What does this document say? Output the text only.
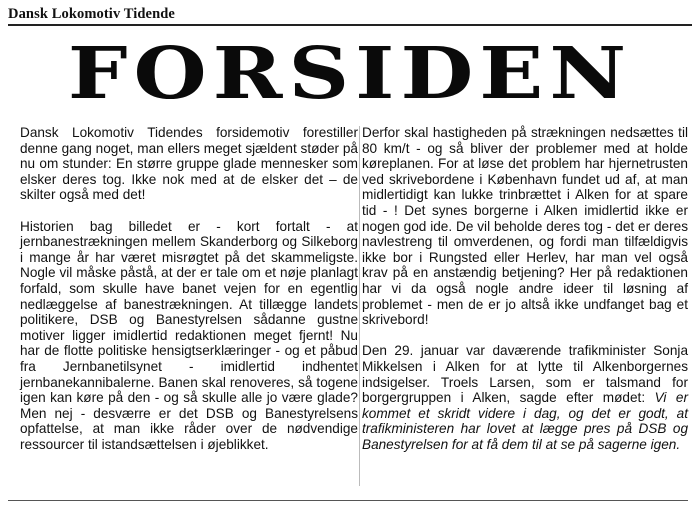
Dansk Lokomotiv Tidende
FORSIDEN

Dansk Lokomotiv Tidendes forsidemotiv forestiller denne gang noget, man ellers meget sjældent støder på nu om stunder: En større gruppe glade mennesker som elsker deres tog. Ikke nok med at de elsker det – de skilter også med det!

Historien bag billedet er - kort fortalt - at jernbanestrækningen mellem Skanderborg og Silkeborg i mange år har været misrøgtet på det skammeligste. Nogle vil måske påstå, at der er tale om et nøje planlagt forfald, som skulle have banet vejen for en egentlig nedlæggelse af banestrækningen. At tillægge landets politikere, DSB og Banestyrelsen sådanne gustne motiver ligger imidlertid redaktionen meget fjernt! Nu har de flotte politiske hensigtserklæringer - og et påbud fra Jernbanetilsynet - imidlertid indhentet jernbanekannibalerne. Banen skal renoveres, så togene igen kan køre på den - og så skulle alle jo være glade? Men nej - desværre er det DSB og Banestyrelsens opfattelse, at man ikke råder over de nødvendige ressourcer til istandsættelsen i øjeblikket.

Derfor skal hastigheden på strækningen nedsættes til 80 km/t - og så bliver der problemer med at holde køreplanen. For at løse det problem har hjernetrusten ved skrivebordene i København fundet ud af, at man midlertidigt kan lukke trinbrættet i Alken for at spare tid - ! Det synes borgerne i Alken imidlertid ikke er nogen god ide. De vil beholde deres tog - det er deres navlestreng til omverdenen, og fordi man tilfældigvis ikke bor i Rungsted eller Herlev, har man vel også krav på en anstændig betjening? Her på redaktionen har vi da også nogle andre ideer til løsning af problemet - men de er jo altså ikke undfanget bag et skrivebord!

Den 29. januar var daværende trafikminister Sonja Mikkelsen i Alken for at lytte til Alkenborgernes indsigelser. Troels Larsen, som er talsmand for borgergruppen i Alken, sagde efter mødet: Vi er kommet et skridt videre i dag, og det er godt, at trafikministeren har lovet at lægge pres på DSB og Banestyrelsen for at få dem til at se på sagerne igen.
